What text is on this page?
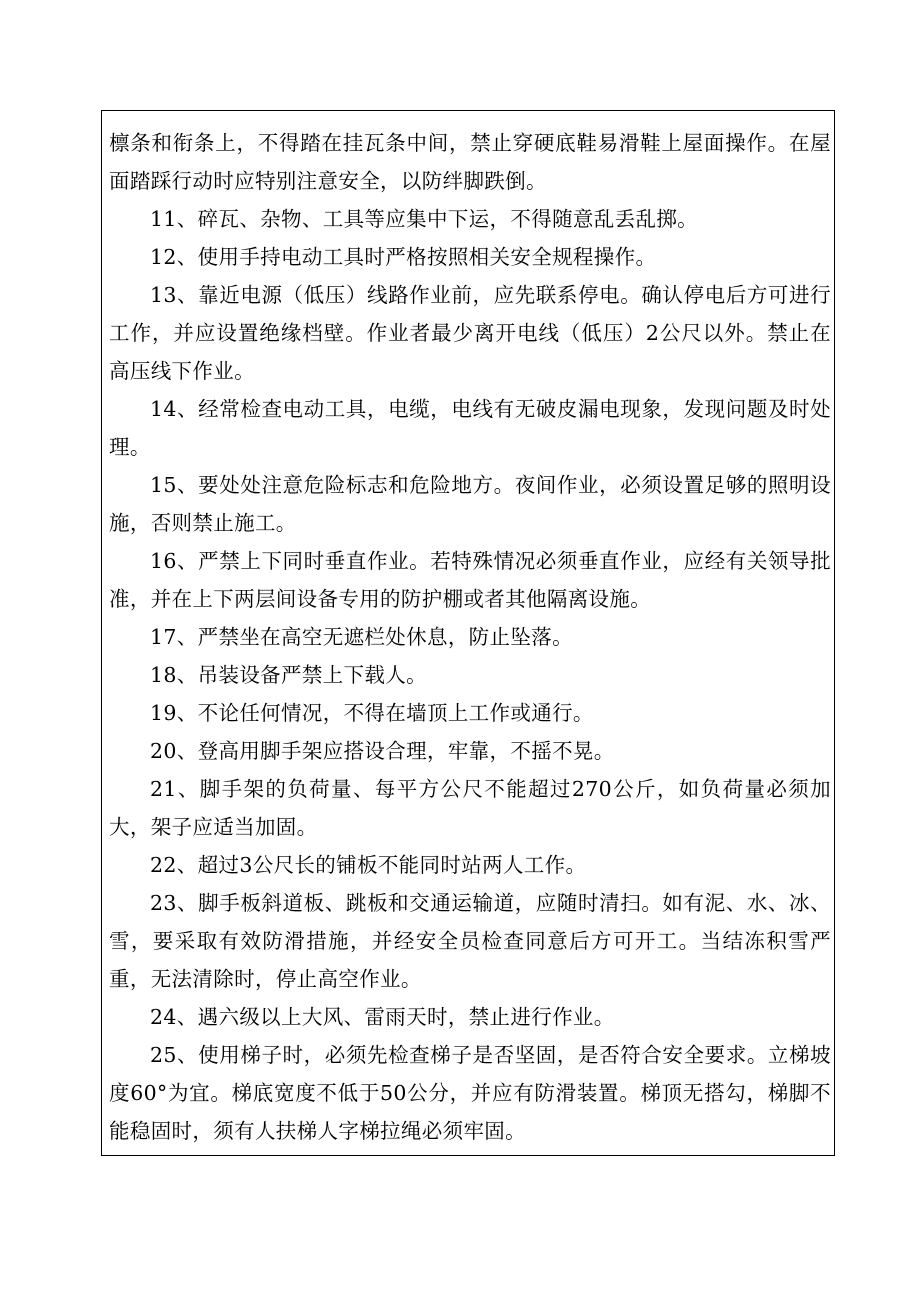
檩条和衔条上，不得踏在挂瓦条中间，禁止穿硬底鞋易滑鞋上屋面操作。在屋面踏踩行动时应特别注意安全，以防绊脚跌倒。

11、碎瓦、杂物、工具等应集中下运，不得随意乱丢乱掷。

12、使用手持电动工具时严格按照相关安全规程操作。

13、靠近电源（低压）线路作业前，应先联系停电。确认停电后方可进行工作，并应设置绝缘档壁。作业者最少离开电线（低压）2公尺以外。禁止在高压线下作业。

14、经常检查电动工具，电缆，电线有无破皮漏电现象，发现问题及时处理。

15、要处处注意危险标志和危险地方。夜间作业，必须设置足够的照明设施，否则禁止施工。

16、严禁上下同时垂直作业。若特殊情况必须垂直作业，应经有关领导批准，并在上下两层间设备专用的防护棚或者其他隔离设施。

17、严禁坐在高空无遮栏处休息，防止坠落。

18、吊装设备严禁上下载人。

19、不论任何情况，不得在墙顶上工作或通行。

20、登高用脚手架应搭设合理，牢靠，不摇不晃。

21、脚手架的负荷量、每平方公尺不能超过270公斤，如负荷量必须加大，架子应适当加固。

22、超过3公尺长的铺板不能同时站两人工作。

23、脚手板斜道板、跳板和交通运输道，应随时清扫。如有泥、水、冰、雪，要采取有效防滑措施，并经安全员检查同意后方可开工。当结冻积雪严重，无法清除时，停止高空作业。

24、遇六级以上大风、雷雨天时，禁止进行作业。

25、使用梯子时，必须先检查梯子是否坚固，是否符合安全要求。立梯坡度60°为宜。梯底宽度不低于50公分，并应有防滑装置。梯顶无搭勾，梯脚不能稳固时，须有人扶梯人字梯拉绳必须牢固。
